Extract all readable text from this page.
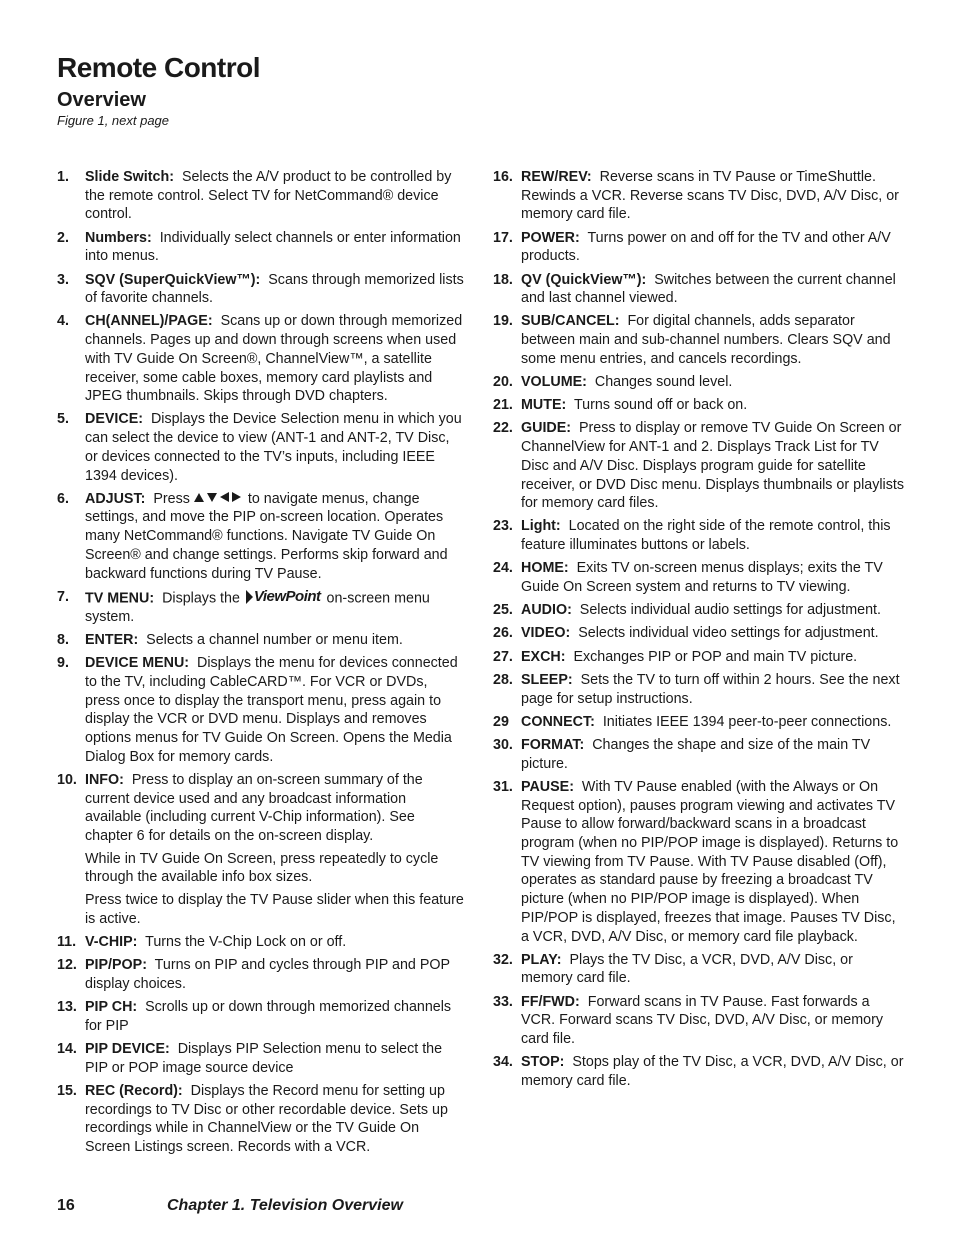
Remote Control
Overview
Figure 1, next page
1.	Slide Switch: Selects the A/V product to be controlled by the remote control. Select TV for NetCommand® device control.
2.	Numbers: Individually select channels or enter information into menus.
3.	SQV (SuperQuickView™): Scans through memorized lists of favorite channels.
4.	CH(ANNEL)/PAGE: Scans up or down through memorized channels. Pages up and down through screens when used with TV Guide On Screen®, ChannelView™, a satellite receiver, some cable boxes, memory card playlists and JPEG thumbnails. Skips through DVD chapters.
5.	DEVICE: Displays the Device Selection menu in which you can select the device to view (ANT-1 and ANT-2, TV Disc, or devices connected to the TV’s inputs, including IEEE 1394 devices).
6.	ADJUST: Press	to navigate menus, change settings, and move the PIP on-screen location. Operates many NetCommand® functions. Navigate TV Guide On Screen® and change settings. Performs skip forward and backward functions during TV Pause.
7.	TV MENU: Displays the ViewPoint on-screen menu system.
8.	ENTER: Selects a channel number or menu item.
9.	DEVICE MENU: Displays the menu for devices connected to the TV, including CableCARD™. For VCR or DVDs, press once to display the transport menu, press again to display the VCR or DVD menu. Displays and removes options menus for TV Guide On Screen. Opens the Media Dialog Box for memory cards.
10. INFO: Press to display an on-screen summary of the current device used and any broadcast information available (including current V-Chip information). See chapter 6 for details on the on-screen display.
While in TV Guide On Screen, press repeatedly to cycle through the available info box sizes.
Press twice to display the TV Pause slider when this feature is active.
11. V-CHIP: Turns the V-Chip Lock on or off.
12. PIP/POP: Turns on PIP and cycles through PIP and POP display choices.
13. PIP CH: Scrolls up or down through memorized channels for PIP
14. PIP DEVICE: Displays PIP Selection menu to select the PIP or POP image source device
15. REC (Record): Displays the Record menu for setting up recordings to TV Disc or other recordable device. Sets up recordings while in ChannelView or the TV Guide On Screen Listings screen. Records with a VCR.
16. REW/REV: Reverse scans in TV Pause or TimeShuttle. Rewinds a VCR. Reverse scans TV Disc, DVD, A/V Disc, or memory card file.
17. POWER: Turns power on and off for the TV and other A/V products.
18. QV (QuickView™): Switches between the current channel and last channel viewed.
19. SUB/CANCEL: For digital channels, adds separator between main and sub-channel numbers. Clears SQV and some menu entries, and cancels recordings.
20. VOLUME: Changes sound level.
21. MUTE: Turns sound off or back on.
22. GUIDE: Press to display or remove TV Guide On Screen or ChannelView for ANT-1 and 2. Displays Track List for TV Disc and A/V Disc. Displays program guide for satellite receiver, or DVD Disc menu. Displays thumbnails or playlists for memory card files.
23. Light: Located on the right side of the remote control, this feature illuminates buttons or labels.
24. HOME: Exits TV on-screen menus displays; exits the TV Guide On Screen system and returns to TV viewing.
25. AUDIO: Selects individual audio settings for adjustment.
26. VIDEO: Selects individual video settings for adjustment.
27. EXCH: Exchanges PIP or POP and main TV picture.
28. SLEEP: Sets the TV to turn off within 2 hours. See the next page for setup instructions.
29 CONNECT: Initiates IEEE 1394 peer-to-peer connections.
30. FORMAT: Changes the shape and size of the main TV picture.
31. PAUSE: With TV Pause enabled (with the Always or On Request option), pauses program viewing and activates TV Pause to allow forward/backward scans in a broadcast program (when no PIP/POP image is displayed). Returns to TV viewing from TV Pause. With TV Pause disabled (Off), operates as standard pause by freezing a broadcast TV picture (when no PIP/POP image is displayed). When PIP/POP is displayed, freezes that image. Pauses TV Disc, a VCR, DVD, A/V Disc, or memory card file playback.
32. PLAY: Plays the TV Disc, a VCR, DVD, A/V Disc, or memory card file.
33. FF/FWD: Forward scans in TV Pause. Fast forwards a VCR. Forward scans TV Disc, DVD, A/V Disc, or memory card file.
34. STOP: Stops play of the TV Disc, a VCR, DVD, A/V Disc, or memory card file.
16	Chapter 1. Television Overview
